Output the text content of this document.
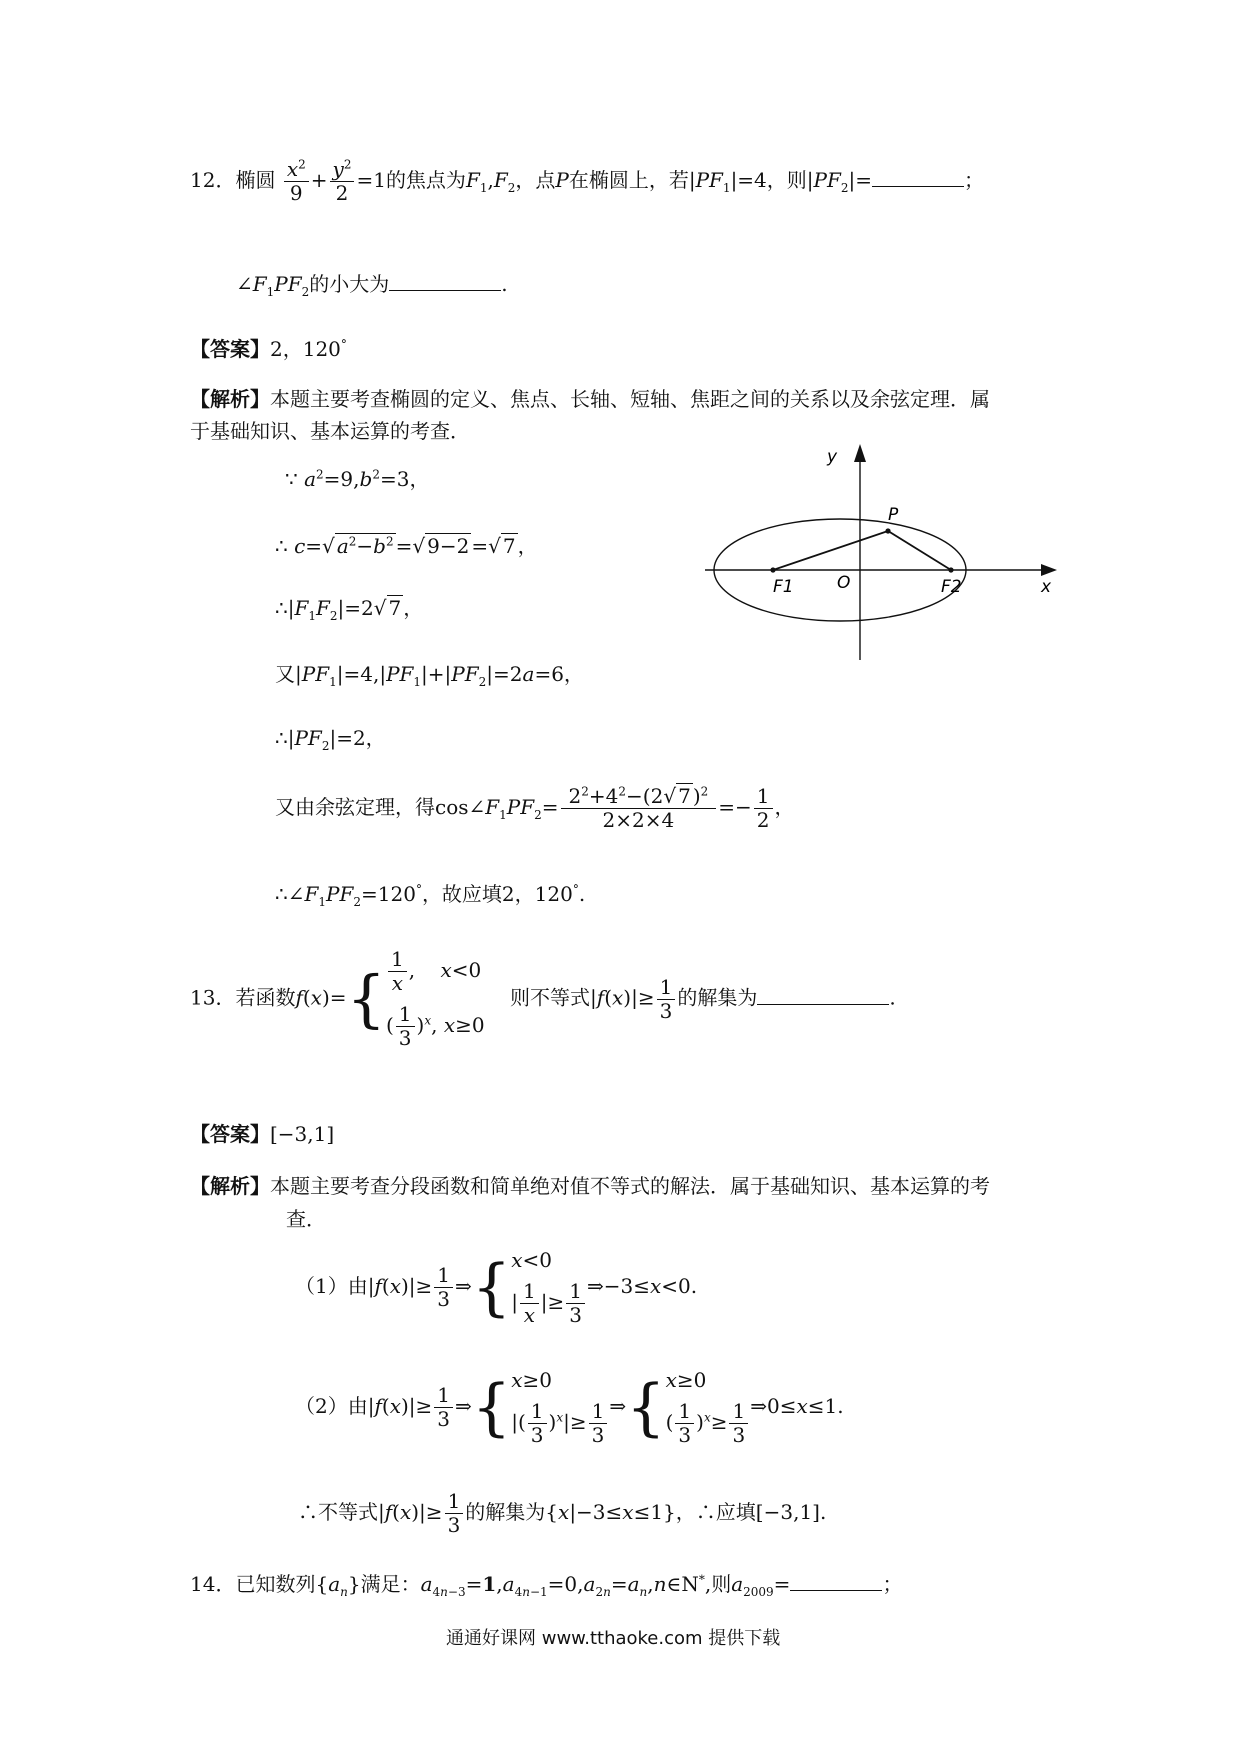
12．椭圆 $\frac{x^2}{9} + \frac{y^2}{2} =1$的焦点为$F_1,F_2$，点P在椭圆上，若$|PF_1|=4$，则$|PF_2|=$	；
$\angle F_1PF_2$的小大为	.
【答案】2，120°
【解析】本题主要考查椭圆的定义、焦点、长轴、短轴、焦距之间的关系以及余弦定理．属
于基础知识、基本运算的考查．
∵ $a^2=9,b^2=3$，
∴ c=√ $a^2-b^2$ =√ 9−2 =√ 7 ，
$\therefore|F_1F_2|=2√$ 7 ，
又$|PF_1|=4,|PF_1|+|PF_2|=2a=6$，
$\therefore|PF_2|=2$，
又由余弦定理，得$\cos\angle F_1PF_2= \frac{2^2+4^2-(2√ 7 )^2}{2\times 2\times 4} =- \frac{1}{2}$ ，
$\therefore\angle F_1PF_2=120^\circ$，故应填2，120°.
y
x
P
F1	O	F2
13．若函数$f(x)=\{ \frac{1}{x}$ ,    x<0
( $\frac{1}{3} )^x$, x≥0
则不等式$|f(x)|\ge \frac{1}{3}$ 的解集为	.
【答案】[−3,1]
【解析】本题主要考查分段函数和简单绝对值不等式的解法．属于基础知识、基本运算的考
查．
（1）由$|f(x)|\ge \frac{1}{3}$ ⇒{ x<0
| $\frac{1}{x}$ |≥ $\frac{1}{3}$ ⇒−3≤x<0.
（2）由$|f(x)|\ge \frac{1}{3}$ ⇒{ x≥0
|( $\frac{1}{3} )^x|\ge \frac{1}{3}$ ⇒{ x≥0
( $\frac{1}{3} )^x\ge \frac{1}{3}$ ⇒0≤x≤1.
∴不等式$|f(x)|\ge \frac{1}{3}$ 的解集为{x|−3≤x≤1}，∴应填[−3,1].
14．已知数列$\{a_n\}$满足：$a_{4n-3}=1,a_{4n-1}=0,a_{2n}=a_n,n\in N^*$,则$a_{2009}=$	；
通通好课网 www.tthaoke.com 提供下载
